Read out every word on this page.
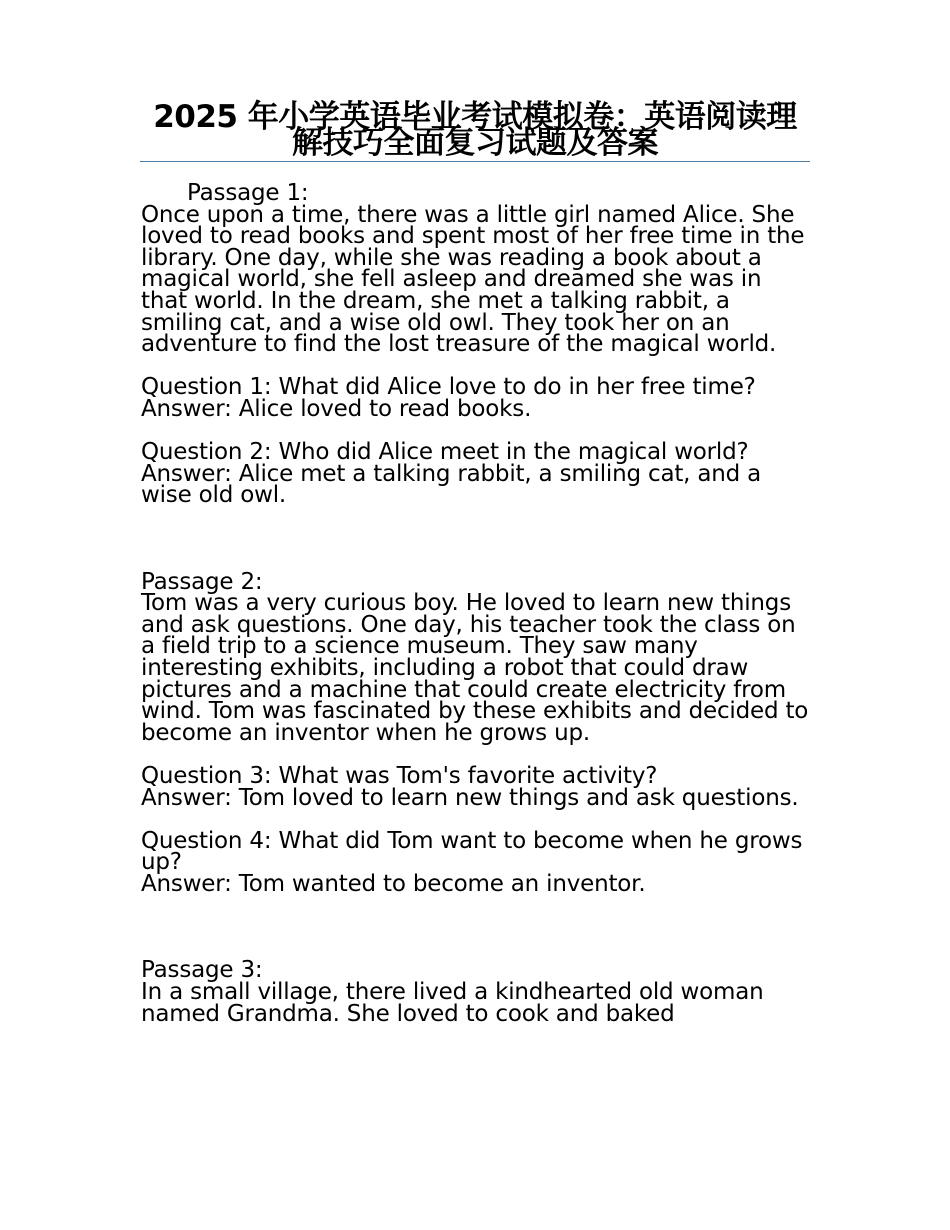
2025 年小学英语毕业考试模拟卷：英语阅读理解技巧全面复习试题及答案

Passage 1:

Once upon a time, there was a little girl named Alice. She loved to read books and spent most of her free time in the library. One day, while she was reading a book about a magical world, she fell asleep and dreamed she was in that world. In the dream, she met a talking rabbit, a smiling cat, and a wise old owl. They took her on an adventure to find the lost treasure of the magical world.

Question 1: What did Alice love to do in her free time?

Answer: Alice loved to read books.

Question 2: Who did Alice meet in the magical world?

Answer: Alice met a talking rabbit, a smiling cat, and a wise old owl.

Passage 2:

Tom was a very curious boy. He loved to learn new things and ask questions. One day, his teacher took the class on a field trip to a science museum. They saw many interesting exhibits, including a robot that could draw pictures and a machine that could create electricity from wind. Tom was fascinated by these exhibits and decided to become an inventor when he grows up.

Question 3: What was Tom's favorite activity?

Answer: Tom loved to learn new things and ask questions.

Question 4: What did Tom want to become when he grows up?

Answer: Tom wanted to become an inventor.

Passage 3:

In a small village, there lived a kindhearted old woman named Grandma. She loved to cook and baked
